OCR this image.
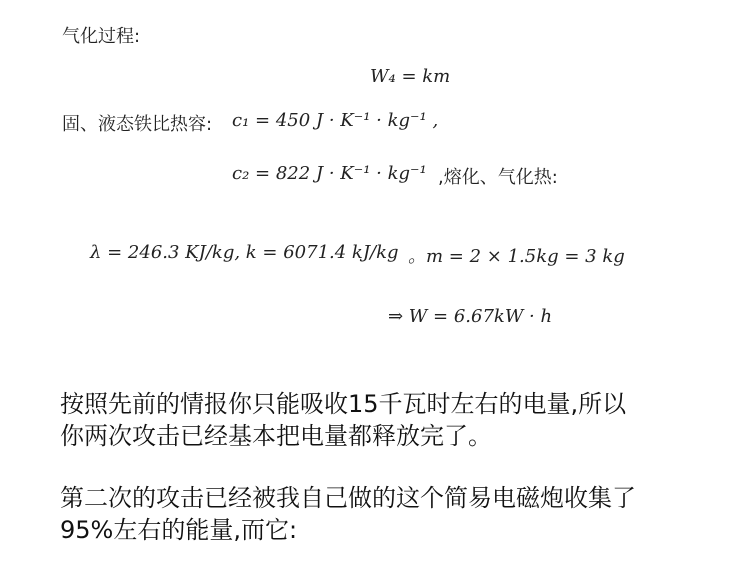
气化过程:
W₄ = km
固、液态铁比热容: c₁ = 450 J · K⁻¹ · kg⁻¹ ,
c₂ = 822 J · K⁻¹ · kg⁻¹ ,熔化、气化热:
λ = 246.3 KJ/kg, k = 6071.4 kJ/kg 。m = 2 × 1.5kg = 3 kg
⇒ W = 6.67kW · h
按照先前的情报你只能吸收15千瓦时左右的电量,所以
你两次攻击已经基本把电量都释放完了。
第二次的攻击已经被我自己做的这个简易电磁炮收集了
95%左右的能量,而它:
